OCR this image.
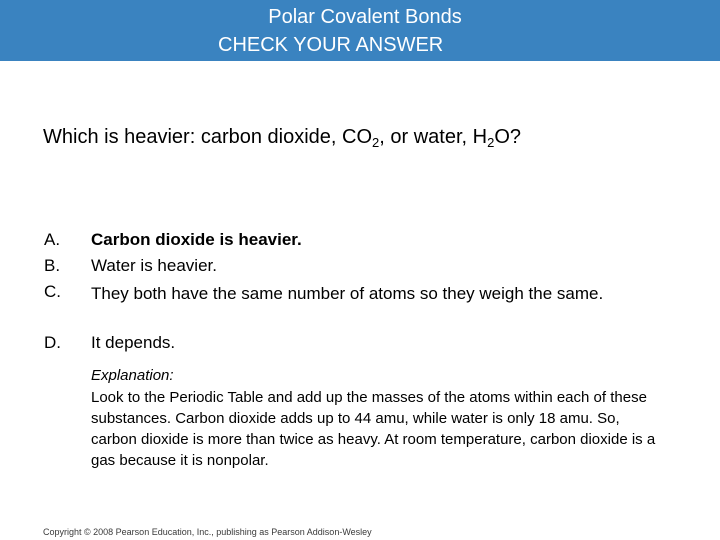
Polar Covalent Bonds
CHECK YOUR ANSWER
Which is heavier: carbon dioxide, $CO_2$, or water, $H_2O$?
A. Carbon dioxide is heavier.
B. Water is heavier.
C. They both have the same number of atoms so they weigh the same.
D. It depends.
Explanation:
Look to the Periodic Table and add up the masses of the atoms within each of these substances. Carbon dioxide adds up to 44 amu, while water is only 18 amu. So, carbon dioxide is more than twice as heavy. At room temperature, carbon dioxide is a gas because it is nonpolar.
Copyright © 2008 Pearson Education, Inc., publishing as Pearson Addison-Wesley
